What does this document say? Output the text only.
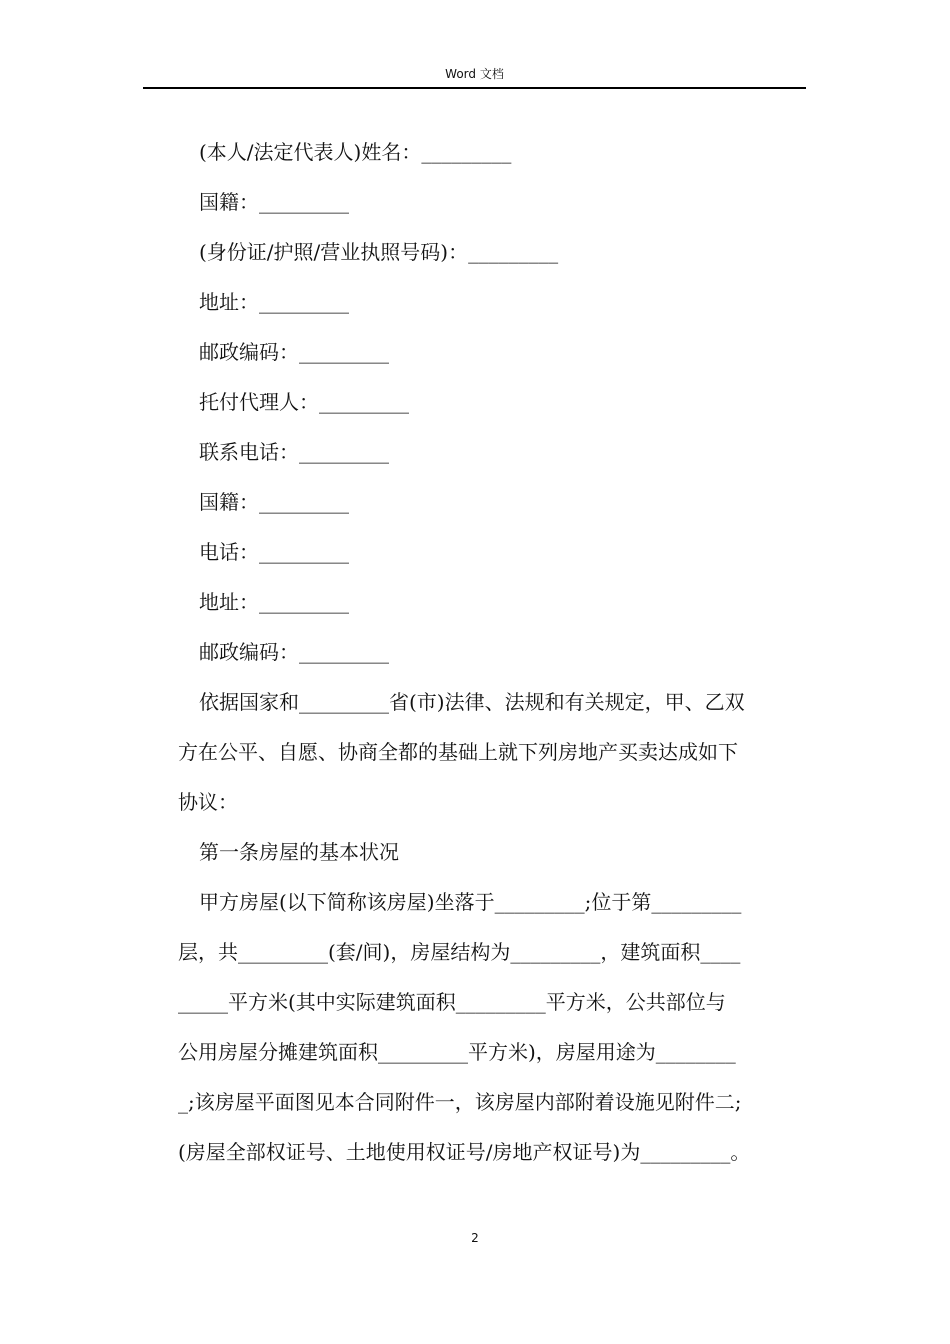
Word 文档
(本人/法定代表人)姓名：_________
国籍：_________
(身份证/护照/营业执照号码)：_________
地址：_________
邮政编码：_________
托付代理人：_________
联系电话：_________
国籍：_________
电话：_________
地址：_________
邮政编码：_________
依据国家和_________省(市)法律、法规和有关规定，甲、乙双
方在公平、自愿、协商全都的基础上就下列房地产买卖达成如下
协议：
第一条房屋的基本状况
甲方房屋(以下简称该房屋)坐落于_________;位于第_________
层，共_________(套/间)，房屋结构为_________，建筑面积____
_____平方米(其中实际建筑面积_________平方米，公共部位与
公用房屋分摊建筑面积_________平方米)，房屋用途为________
_;该房屋平面图见本合同附件一，该房屋内部附着设施见附件二;
(房屋全部权证号、土地使用权证号/房地产权证号)为_________。
2
